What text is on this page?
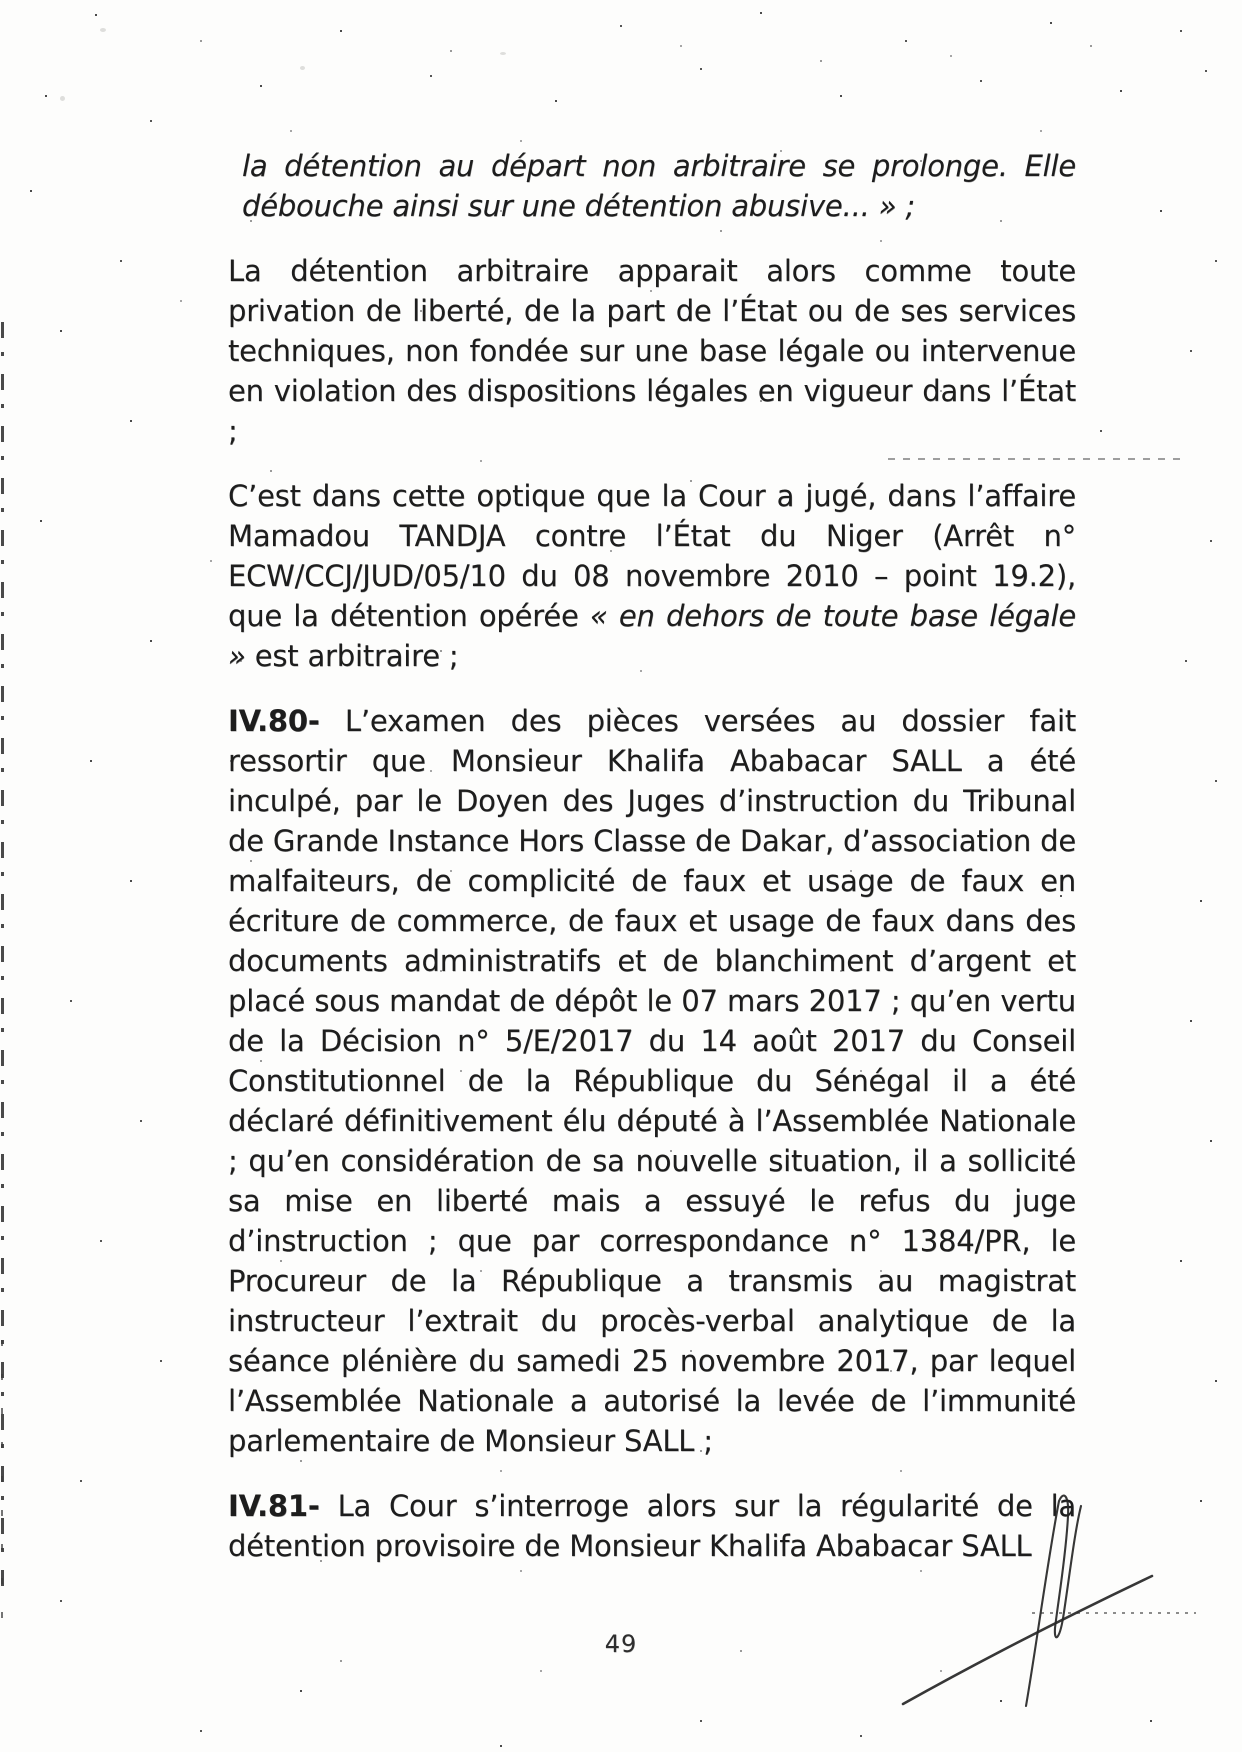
la détention au départ non arbitraire se prolonge. Elle débouche ainsi sur une détention abusive... » ;

La détention arbitraire apparait alors comme toute privation de liberté, de la part de l’État ou de ses services techniques, non fondée sur une base légale ou intervenue en violation des dispositions légales en vigueur dans l’État ;

C’est dans cette optique que la Cour a jugé, dans l’affaire Mamadou TANDJA contre l’État du Niger (Arrêt n° ECW/CCJ/JUD/05/10 du 08 novembre 2010 – point 19.2), que la détention opérée « en dehors de toute base légale » est arbitraire ;

IV.80- L’examen des pièces versées au dossier fait ressortir que Monsieur Khalifa Ababacar SALL a été inculpé, par le Doyen des Juges d’instruction du Tribunal de Grande Instance Hors Classe de Dakar, d’association de malfaiteurs, de complicité de faux et usage de faux en écriture de commerce, de faux et usage de faux dans des documents administratifs et de blanchiment d’argent et placé sous mandat de dépôt le 07 mars 2017 ; qu’en vertu de la Décision n° 5/E/2017 du 14 août 2017 du Conseil Constitutionnel de la République du Sénégal il a été déclaré définitivement élu député à l’Assemblée Nationale ; qu’en considération de sa nouvelle situation, il a sollicité sa mise en liberté mais a essuyé le refus du juge d’instruction ; que par correspondance n° 1384/PR, le Procureur de la République a transmis au magistrat instructeur l’extrait du procès-verbal analytique de la séance plénière du samedi 25 novembre 2017, par lequel l’Assemblée Nationale a autorisé la levée de l’immunité parlementaire de Monsieur SALL ;

IV.81- La Cour s’interroge alors sur la régularité de la détention provisoire de Monsieur Khalifa Ababacar SALL

49
